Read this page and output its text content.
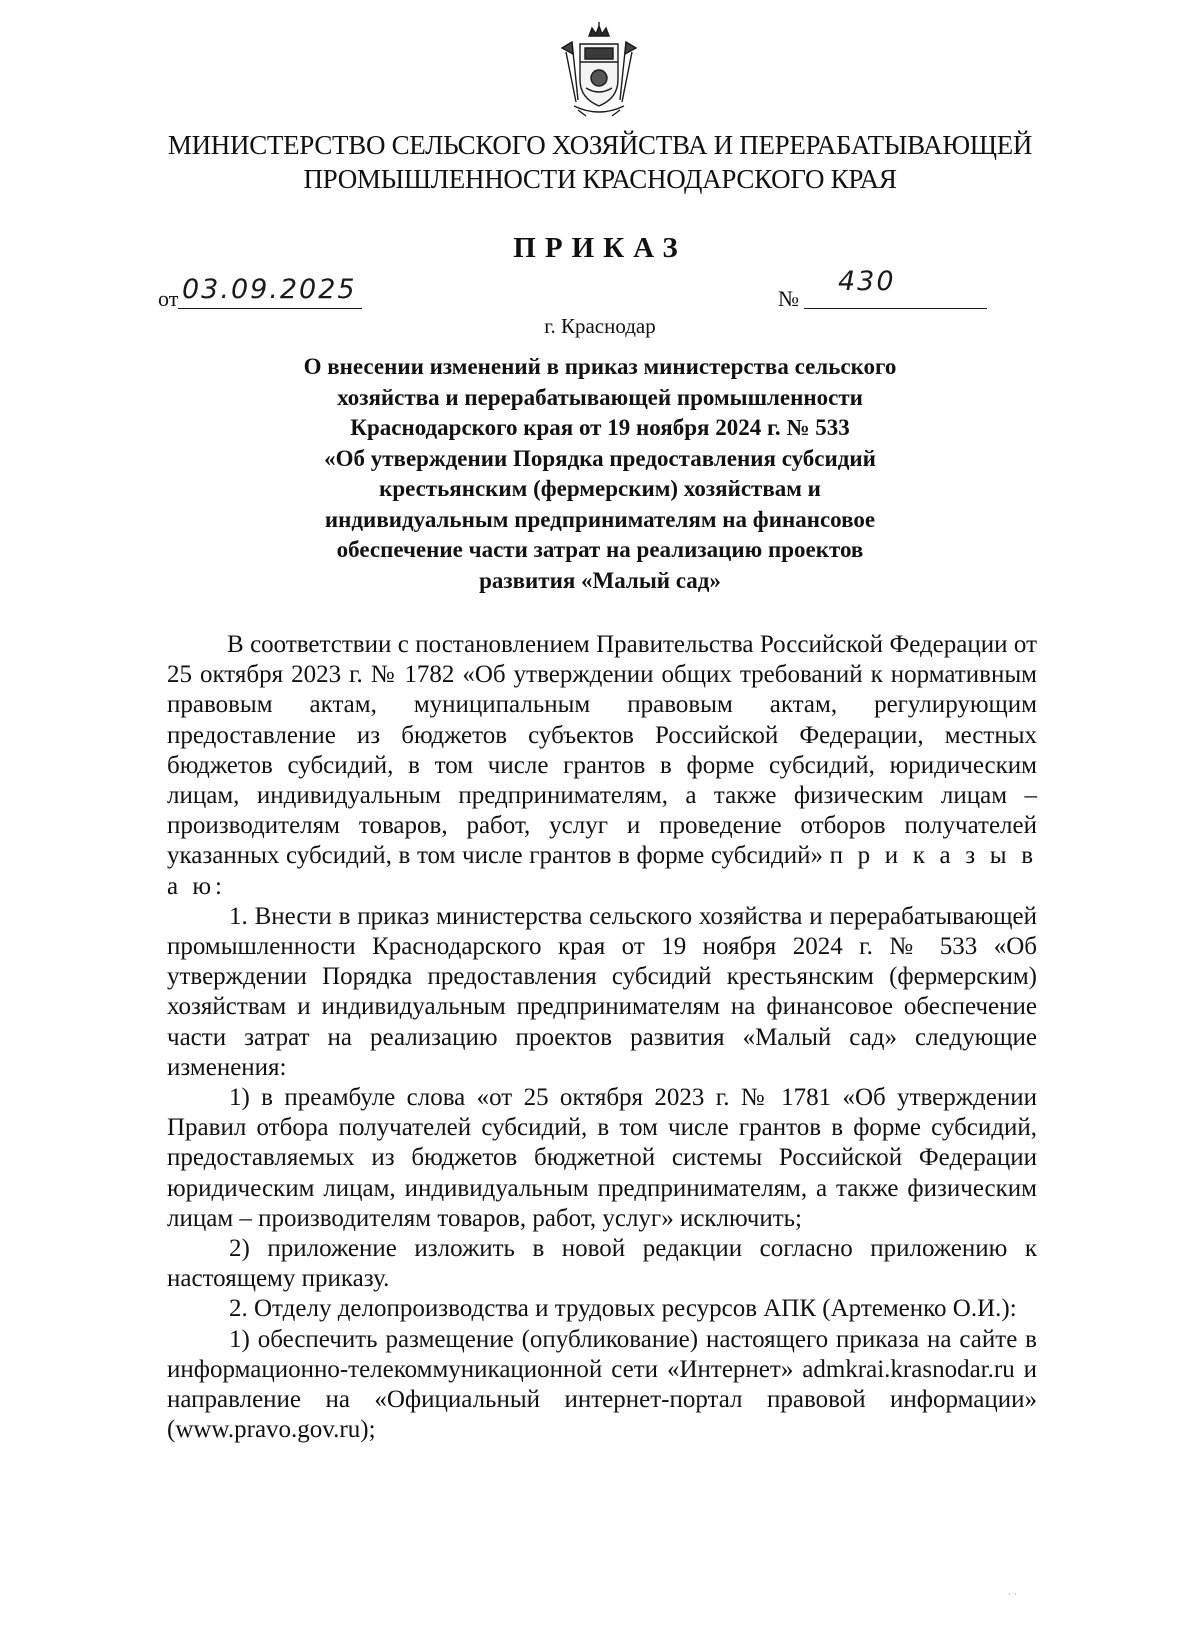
МИНИСТЕРСТВО СЕЛЬСКОГО ХОЗЯЙСТВА И ПЕРЕРАБАТЫВАЮЩЕЙ
ПРОМЫШЛЕННОСТИ КРАСНОДАРСКОГО КРАЯ
ПРИКАЗ
от 03.09.2025	№
430
г. Краснодар
О внесении изменений в приказ министерства сельского
хозяйства и перерабатывающей промышленности
Краснодарского края от 19 ноября 2024 г. № 533
«Об утверждении Порядка предоставления субсидий
крестьянским (фермерским) хозяйствам и
индивидуальным предпринимателям на финансовое
обеспечение части затрат на реализацию проектов
развития «Малый сад»

В соответствии с постановлением Правительства Российской Федерации от 25 октября 2023 г. № 1782 «Об утверждении общих требований к нормативным правовым актам, муниципальным правовым актам, регулирующим предоставление из бюджетов субъектов Российской Федерации, местных бюджетов субсидий, в том числе грантов в форме субсидий, юридическим лицам, индивидуальным предпринимателям, а также физическим лицам – производителям товаров, работ, услуг и проведение отборов получателей указанных субсидий, в том числе грантов в форме субсидий» п р и к а з ы в а ю:

1. Внести в приказ министерства сельского хозяйства и перерабатывающей промышленности Краснодарского края от 19 ноября 2024 г. № 533 «Об утверждении Порядка предоставления субсидий крестьянским (фермерским) хозяйствам и индивидуальным предпринимателям на финансовое обеспечение части затрат на реализацию проектов развития «Малый сад» следующие изменения:

1) в преамбуле слова «от 25 октября 2023 г. № 1781 «Об утверждении Правил отбора получателей субсидий, в том числе грантов в форме субсидий, предоставляемых из бюджетов бюджетной системы Российской Федерации юридическим лицам, индивидуальным предпринимателям, а также физическим лицам – производителям товаров, работ, услуг» исключить;

2) приложение изложить в новой редакции согласно приложению к настоящему приказу.

2. Отделу делопроизводства и трудовых ресурсов АПК (Артеменко О.И.):

1) обеспечить размещение (опубликование) настоящего приказа на сайте в информационно-телекоммуникационной сети «Интернет» admkrai.krasnodar.ru и направление на «Официальный интернет-портал правовой информации» (www.pravo.gov.ru);

· ·
